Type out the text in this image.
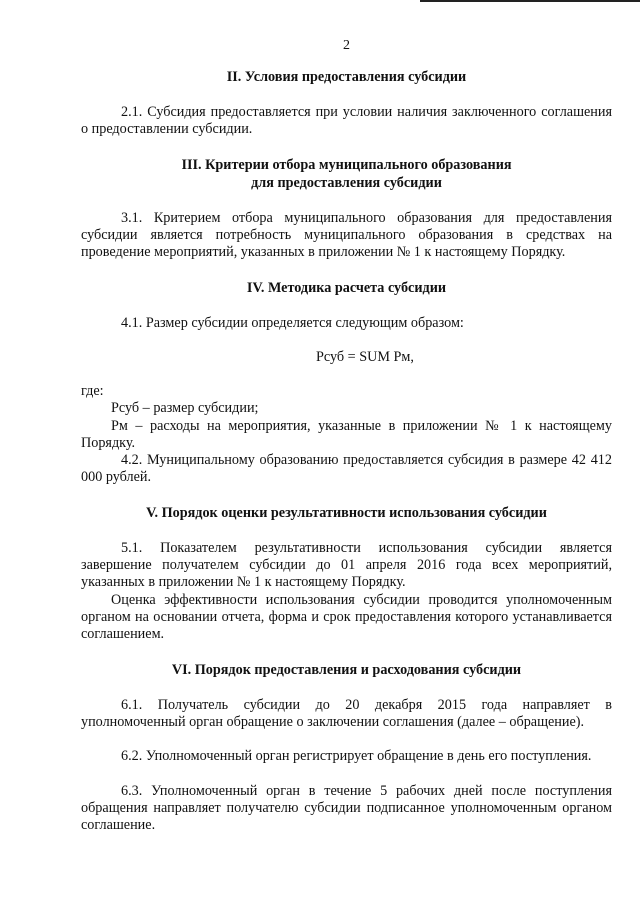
2
II. Условия предоставления субсидии
2.1. Субсидия предоставляется при условии наличия заключенного соглашения о предоставлении субсидии.
III. Критерии отбора муниципального образования
для предоставления субсидии
3.1. Критерием отбора муниципального образования для предоставления субсидии является потребность муниципального образования в средствах на проведение мероприятий, указанных в приложении № 1 к настоящему Порядку.
IV. Методика расчета субсидии
4.1. Размер субсидии определяется следующим образом:
Рсуб = SUM Рм,
где:
Рсуб – размер субсидии;
Рм – расходы на мероприятия, указанные в приложении № 1 к настоящему Порядку.
4.2. Муниципальному образованию предоставляется субсидия в размере 42 412 000 рублей.
V. Порядок оценки результативности использования субсидии
5.1. Показателем результативности использования субсидии является завершение получателем субсидии до 01 апреля 2016 года всех мероприятий, указанных в приложении № 1 к настоящему Порядку.
Оценка эффективности использования субсидии проводится уполномоченным органом на основании отчета, форма и срок предоставления которого устанавливается соглашением.
VI. Порядок предоставления и расходования субсидии
6.1. Получатель субсидии до 20 декабря 2015 года направляет в уполномоченный орган обращение о заключении соглашения (далее – обращение).
6.2. Уполномоченный орган регистрирует обращение в день его поступления.
6.3. Уполномоченный орган в течение 5 рабочих дней после поступления обращения направляет получателю субсидии подписанное уполномоченным органом соглашение.
